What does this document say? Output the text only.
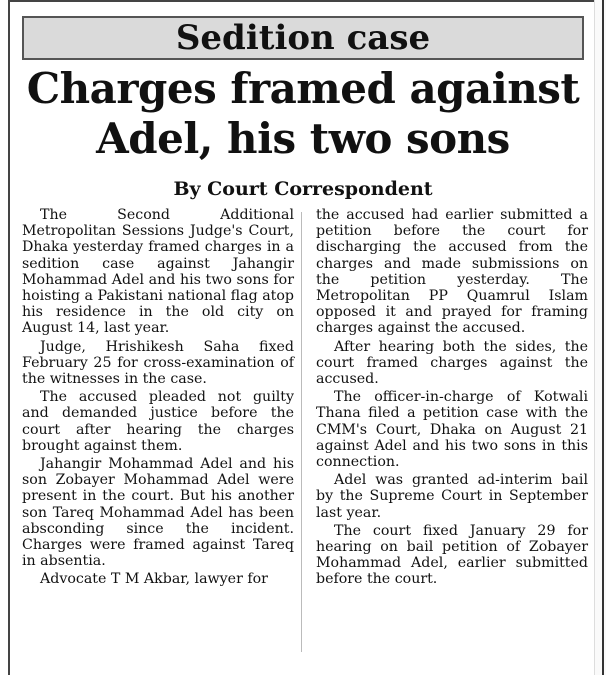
Sedition case
Charges framed against
Adel, his two sons
By Court Correspondent

The Second Additional Metropolitan Sessions Judge's Court, Dhaka yesterday framed charges in a sedition case against Jahangir Mohammad Adel and his two sons for hoisting a Pakistani national flag atop his residence in the old city on August 14, last year.

Judge, Hrishikesh Saha fixed February 25 for cross-examination of the witnesses in the case.

The accused pleaded not guilty and demanded justice before the court after hearing the charges brought against them.

Jahangir Mohammad Adel and his son Zobayer Mohammad Adel were present in the court. But his another son Tareq Mohammad Adel has been absconding since the incident. Charges were framed against Tareq in absentia.

Advocate T M Akbar, lawyer for

the accused had earlier submitted a petition before the court for discharging the accused from the charges and made submissions on the petition yesterday. The Metropolitan PP Quamrul Islam opposed it and prayed for framing charges against the accused.

After hearing both the sides, the court framed charges against the accused.

The officer-in-charge of Kotwali Thana filed a petition case with the CMM's Court, Dhaka on August 21 against Adel and his two sons in this connection.

Adel was granted ad-interim bail by the Supreme Court in September last year.

The court fixed January 29 for hearing on bail petition of Zobayer Mohammad Adel, earlier submitted before the court.
